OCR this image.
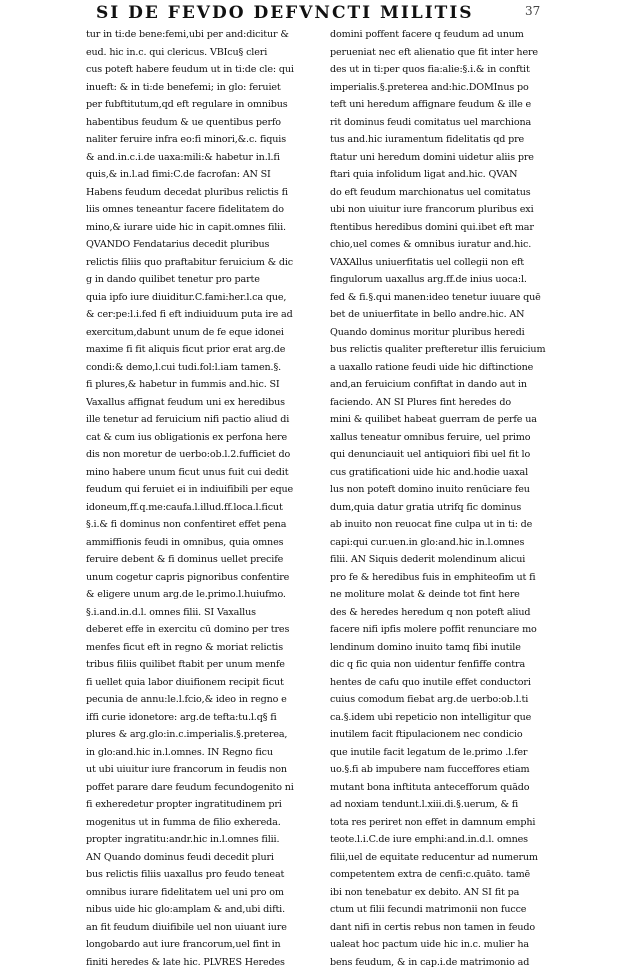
SI DE FEVDO DEFVNCTI MILITIS	37
tur in ti:de bene:femi,ubi per and:dicitur &
eud. hic in.c. qui clericus. VBIcu§ cleri
cus poteft habere feudum ut in ti:de cle: qui
inueft: & in ti:de benefemi; in glo: feruiet
per fubftitutum,qd eft regulare in omnibus
habentibus feudum & ue quentibus perfo
naliter feruire infra eo:fi minori,&.c. fiquis
& and.in.c.i.de uaxa:mili:& habetur in.l.fi
quis,& in.l.ad fimi:C.de facrofan: AN SI
Habens feudum decedat pluribus relictis fi
liis omnes teneantur facere fidelitatem do
mino,& iurare uide hic in capit.omnes filii.
QVANDO Fendatarius decedit pluribus
relictis filiis quo praftabitur feruicium & dic
g in dando quilibet tenetur pro parte
quia ipfo iure diuiditur.C.fami:her.l.ca que,
& cer:pe:l.i.fed fi eft indiuiduum puta ire ad
exercitum,dabunt unum de fe eque idonei
maxime fi fit aliquis ficut prior erat arg.de
condi:& demo,l.cui tudi.fol:l.iam tamen.§.
fi plures,& habetur in fummis and.hic. SI
Vaxallus affignat feudum uni ex heredibus
ille tenetur ad feruicium nifi pactio aliud di
cat & cum ius obligationis ex perfona here
dis non moretur de uerbo:ob.l.2.fufficiet do
mino habere unum ficut unus fuit cui dedit
feudum qui feruiet ei in indiuifibili per eque
idoneum,ff.q.me:caufa.l.illud.ff.loca.l.ficut
§.i.& fi dominus non confentiret effet pena
ammiffionis feudi in omnibus, quia omnes
feruire debent & fi dominus uellet precife
unum cogetur capris pignoribus confentire
& eligere unum arg.de le.primo.l.huiufmo.
§.i.and.in.d.l. omnes filii. SI Vaxallus
deberet effe in exercitu cū domino per tres
menfes ficut eft in regno & moriat relictis
tribus filiis quilibet ftabit per unum menfe
fi uellet quia labor diuifionem recipit ficut
pecunia de annu:le.l.fcio,& ideo in regno e
iffi curie idonetore: arg.de tefta:tu.l.q§ fi
plures & arg.glo:in.c.imperialis.§.preterea,
in glo:and.hic in.l.omnes. IN Regno ficu
ut ubi uiuitur iure francorum in feudis non
poffet parare dare feudum fecundogenito ni
fi exheredetur propter ingratitudinem pri
mogenitus ut in fumma de filio exhereda.
propter ingratitu:andr.hic in.l.omnes filii.
AN Quando dominus feudi decedit pluri
bus relictis filiis uaxallus pro feudo teneat
omnibus iurare fidelitatem uel uni pro om
nibus uide hic glo:amplam & and,ubi difti.
an fit feudum diuifibile uel non uiuant iure
longobardo aut iure francorum,uel fint in
finiti heredes & late hic. PLVRES Heredes
domini poffent facere q feudum ad unum
perueniat nec eft alienatio que fit inter here
des ut in ti:per quos fia:alie:§.i.& in conftit
imperialis.§.preterea and:hic.DOMInus po
teft uni heredum affignare feudum & ille e
rit dominus feudi comitatus uel marchiona
tus and.hic iuramentum fidelitatis qd pre
ftatur uni heredum domini uidetur aliis pre
ftari quia infolidum ligat and.hic. QVAN
do eft feudum marchionatus uel comitatus
ubi non uiuitur iure francorum pluribus exi
ftentibus heredibus domini qui.ibet eft mar
chio,uel comes & omnibus iuratur and.hic.
VAXAllus uniuerfitatis uel collegii non eft
fingulorum uaxallus arg.ff.de inius uoca:l.
fed & fi.§.qui manen:ideo tenetur iuuare quē
bet de uniuerfitate in bello andre.hic. AN
Quando dominus moritur pluribus heredi
bus relictis qualiter prefteretur illis feruicium
a uaxallo ratione feudi uide hic diftinctione
and,an feruicium confiftat in dando aut in
faciendo. AN SI Plures fint heredes do
mini & quilibet habeat guerram de perfe ua
xallus teneatur omnibus feruire, uel primo
qui denunciauit uel antiquiori fibi uel fit lo
cus gratificationi uide hic and.hodie uaxal
lus non poteft domino inuito renūciare feu
dum,quia datur gratia utrifq fic dominus
ab inuito non reuocat fine culpa ut in ti: de
capi:qui cur.uen.in glo:and.hic in.l.omnes
filii. AN Siquis dederit molendinum alicui
pro fe & heredibus fuis in emphiteofim ut fi
ne moliture molat & deinde tot fint here
des & heredes heredum q non poteft aliud
facere nifi ipfis molere poffit renunciare mo
lendinum domino inuito tamq fibi inutile
dic q fic quia non uidentur fenfiffe contra
hentes de cafu quo inutile effet conductori
cuius comodum fiebat arg.de uerbo:ob.l.ti
ca.§.idem ubi repeticio non intelligitur que
inutilem facit ftipulacionem nec condicio
que inutile facit legatum de le.primo .l.fer
uo.§.fi ab impubere nam fucceffores etiam
mutant bona inftituta antecefforum quādo
ad noxiam tendunt.l.xiii.di.§.uerum, & fi
tota res periret non effet in damnum emphi
teote.l.i.C.de iure emphi:and.in.d.l. omnes
filii,uel de equitate reducentur ad numerum
competentem extra de cenfi:c.quāto. tamē
ibi non tenebatur ex debito. AN SI fit pa
ctum ut filii fecundi matrimonii non fucce
dant nifi in certis rebus non tamen in feudo
ualeat hoc pactum uide hic in.c. mulier ha
bens feudum, & in cap.i.de matrimonio ad
